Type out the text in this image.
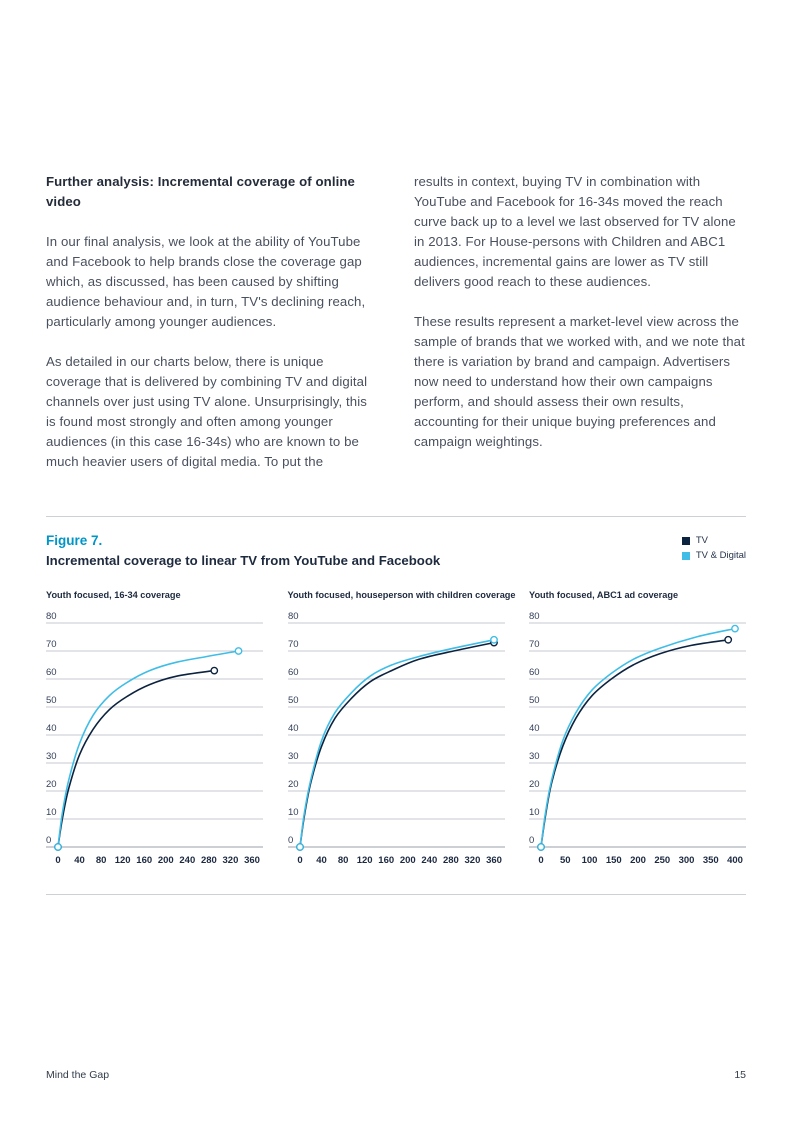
Further analysis: Incremental coverage of online video

In our final analysis, we look at the ability of YouTube and Facebook to help brands close the coverage gap which, as discussed, has been caused by shifting audience behaviour and, in turn, TV's declining reach, particularly among younger audiences.

As detailed in our charts below, there is unique coverage that is delivered by combining TV and digital channels over just using TV alone. Unsurprisingly, this is found most strongly and often among younger audiences (in this case 16-34s) who are known to be much heavier users of digital media. To put the

results in context, buying TV in combination with YouTube and Facebook for 16-34s moved the reach curve back up to a level we last observed for TV alone in 2013. For House-persons with Children and ABC1 audiences, incremental gains are lower as TV still delivers good reach to these audiences.

These results represent a market-level view across the sample of brands that we worked with, and we note that there is variation by brand and campaign. Advertisers now need to understand how their own campaigns perform, and should assess their own results, accounting for their unique buying preferences and campaign weightings.

Figure 7.

Incremental coverage to linear TV from YouTube and Facebook

TV
TV & Digital
Youth focused, 16-34 coverage
0
10
20
30
40
50
60
70
80
0 40 80 120 160 200 240 280 320 360
Youth focused, houseperson with children coverage
0
10
20
30
40
50
60
70
80
0 40 80 120 160 200 240 280 320 360
Youth focused, ABC1 ad coverage
0
10
20
30
40
50
60
70
80
0 50 100 150 200 250 300 350 400
Mind the Gap	15
